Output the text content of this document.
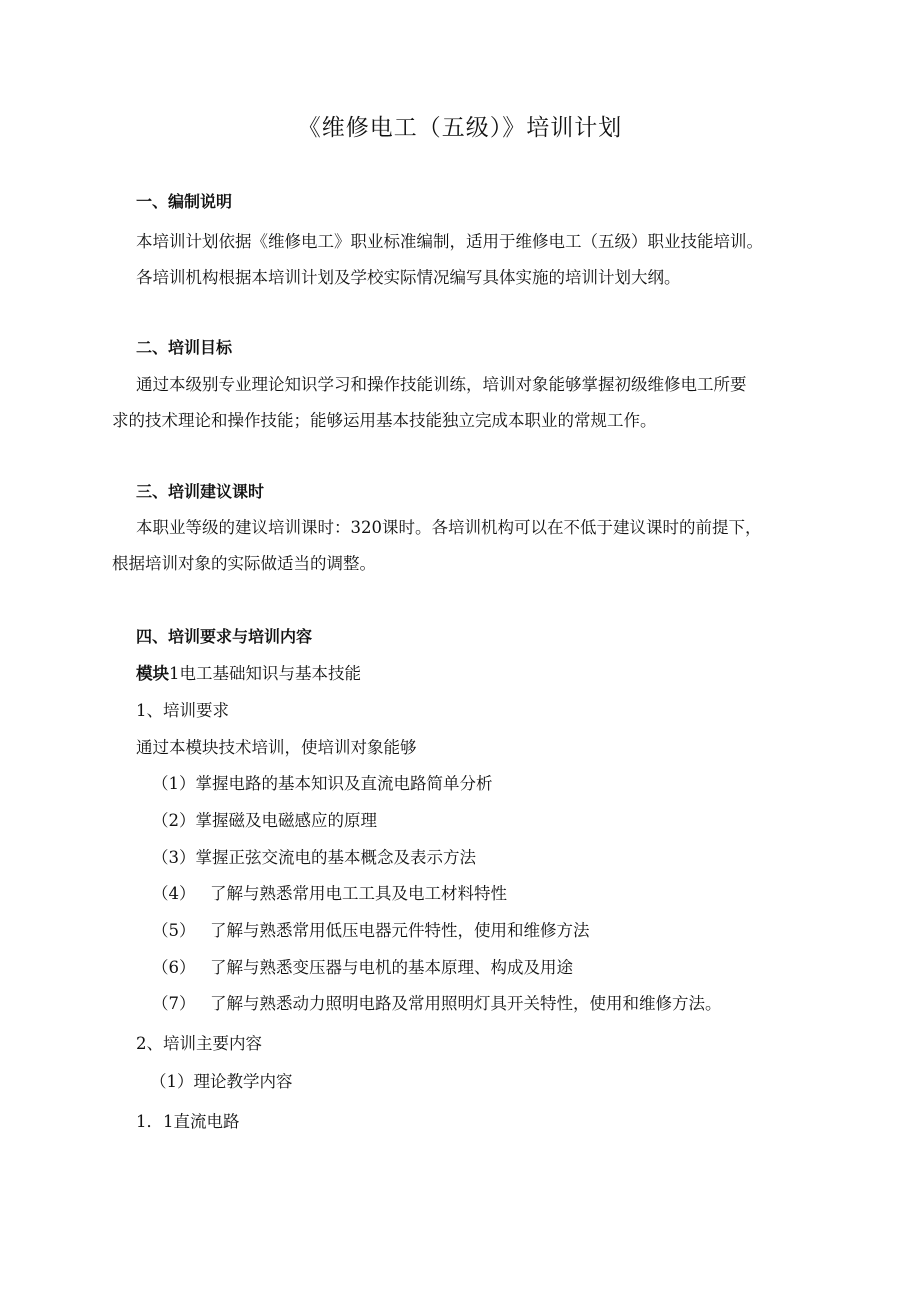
《维修电工（五级）》培训计划
一、编制说明
本培训计划依据《维修电工》职业标准编制，适用于维修电工（五级）职业技能培训。
各培训机构根据本培训计划及学校实际情况编写具体实施的培训计划大纲。
二、培训目标
通过本级别专业理论知识学习和操作技能训练，培训对象能够掌握初级维修电工所要
求的技术理论和操作技能；能够运用基本技能独立完成本职业的常规工作。
三、培训建议课时
本职业等级的建议培训课时：320课时。各培训机构可以在不低于建议课时的前提下，
根据培训对象的实际做适当的调整。
四、培训要求与培训内容
模块1电工基础知识与基本技能
1、培训要求
通过本模块技术培训，使培训对象能够
（1）掌握电路的基本知识及直流电路简单分析
（2）掌握磁及电磁感应的原理
（3）掌握正弦交流电的基本概念及表示方法
（4） 了解与熟悉常用电工工具及电工材料特性
（5） 了解与熟悉常用低压电器元件特性，使用和维修方法
（6） 了解与熟悉变压器与电机的基本原理、构成及用途
（7） 了解与熟悉动力照明电路及常用照明灯具开关特性，使用和维修方法。
2、培训主要内容
（1）理论教学内容
1．1直流电路
